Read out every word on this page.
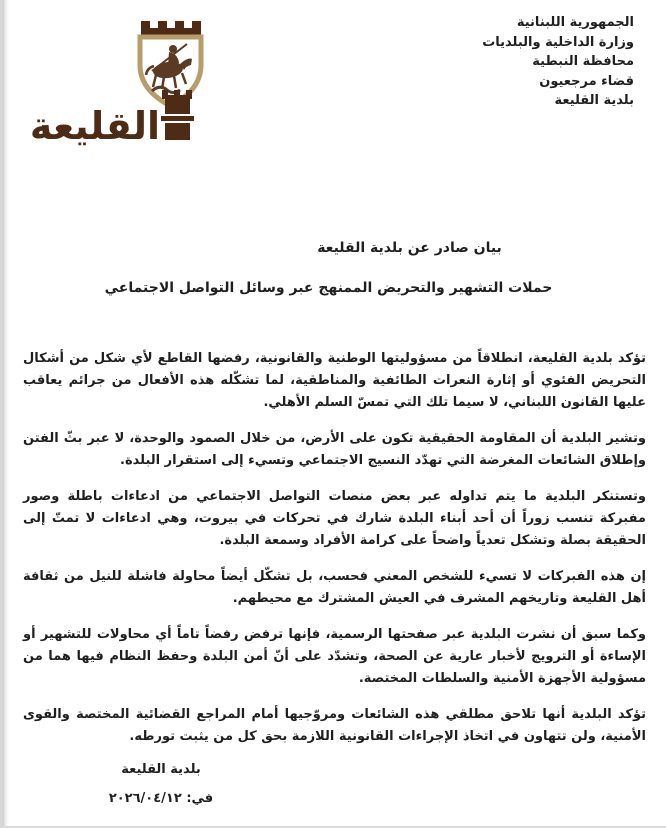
القليعة
الجمهورية اللبنانية
وزارة الداخلية والبلديات
محافظة النبطية
قضاء مرجعيون
بلدية القليعة
بيان صادر عن بلدية القليعة
حملات التشهير والتحريض الممنهج عبر وسائل التواصل الاجتماعي

تؤكد بلدية القليعة، انطلاقاً من مسؤوليتها الوطنية والقانونية، رفضها القاطع لأي شكل من أشكال التحريض الفئوي أو إثارة النعرات الطائفية والمناطقية، لما تشكّله هذه الأفعال من جرائم يعاقب عليها القانون اللبناني، لا سيما تلك التي تمسّ السلم الأهلي.

وتشير البلدية أن المقاومة الحقيقية تكون على الأرض، من خلال الصمود والوحدة، لا عبر بثّ الفتن وإطلاق الشائعات المغرضة التي تهدّد النسيج الاجتماعي وتسيء إلى استقرار البلدة.

وتستنكر البلدية ما يتم تداوله عبر بعض منصات التواصل الاجتماعي من ادعاءات باطلة وصور مفبركة تنسب زوراً أن أحد أبناء البلدة شارك في تحركات في بيروت، وهي ادعاءات لا تمتّ إلى الحقيقة بصلة وتشكل تعدياً واضحاً على كرامة الأفراد وسمعة البلدة.

إن هذه الفبركات لا تسيء للشخص المعني فحسب، بل تشكّل أيضاً محاولة فاشلة للنيل من ثقافة أهل القليعة وتاريخهم المشرف في العيش المشترك مع محيطهم.

وكما سبق أن نشرت البلدية عبر صفحتها الرسمية، فإنها ترفض رفضاً تاماً أي محاولات للتشهير أو الإساءة أو الترويج لأخبار عارية عن الصحة، وتشدّد على أنّ أمن البلدة وحفظ النظام فيها هما من مسؤولية الأجهزة الأمنية والسلطات المختصة.

تؤكد البلدية أنها تلاحق مطلقي هذه الشائعات ومروّجيها أمام المراجع القضائية المختصة والقوى الأمنية، ولن تتهاون في اتخاذ الإجراءات القانونية اللازمة بحق كل من يثبت تورطه.

بلدية القليعة
في: ٢٠٢٦/٠٤/١٢
